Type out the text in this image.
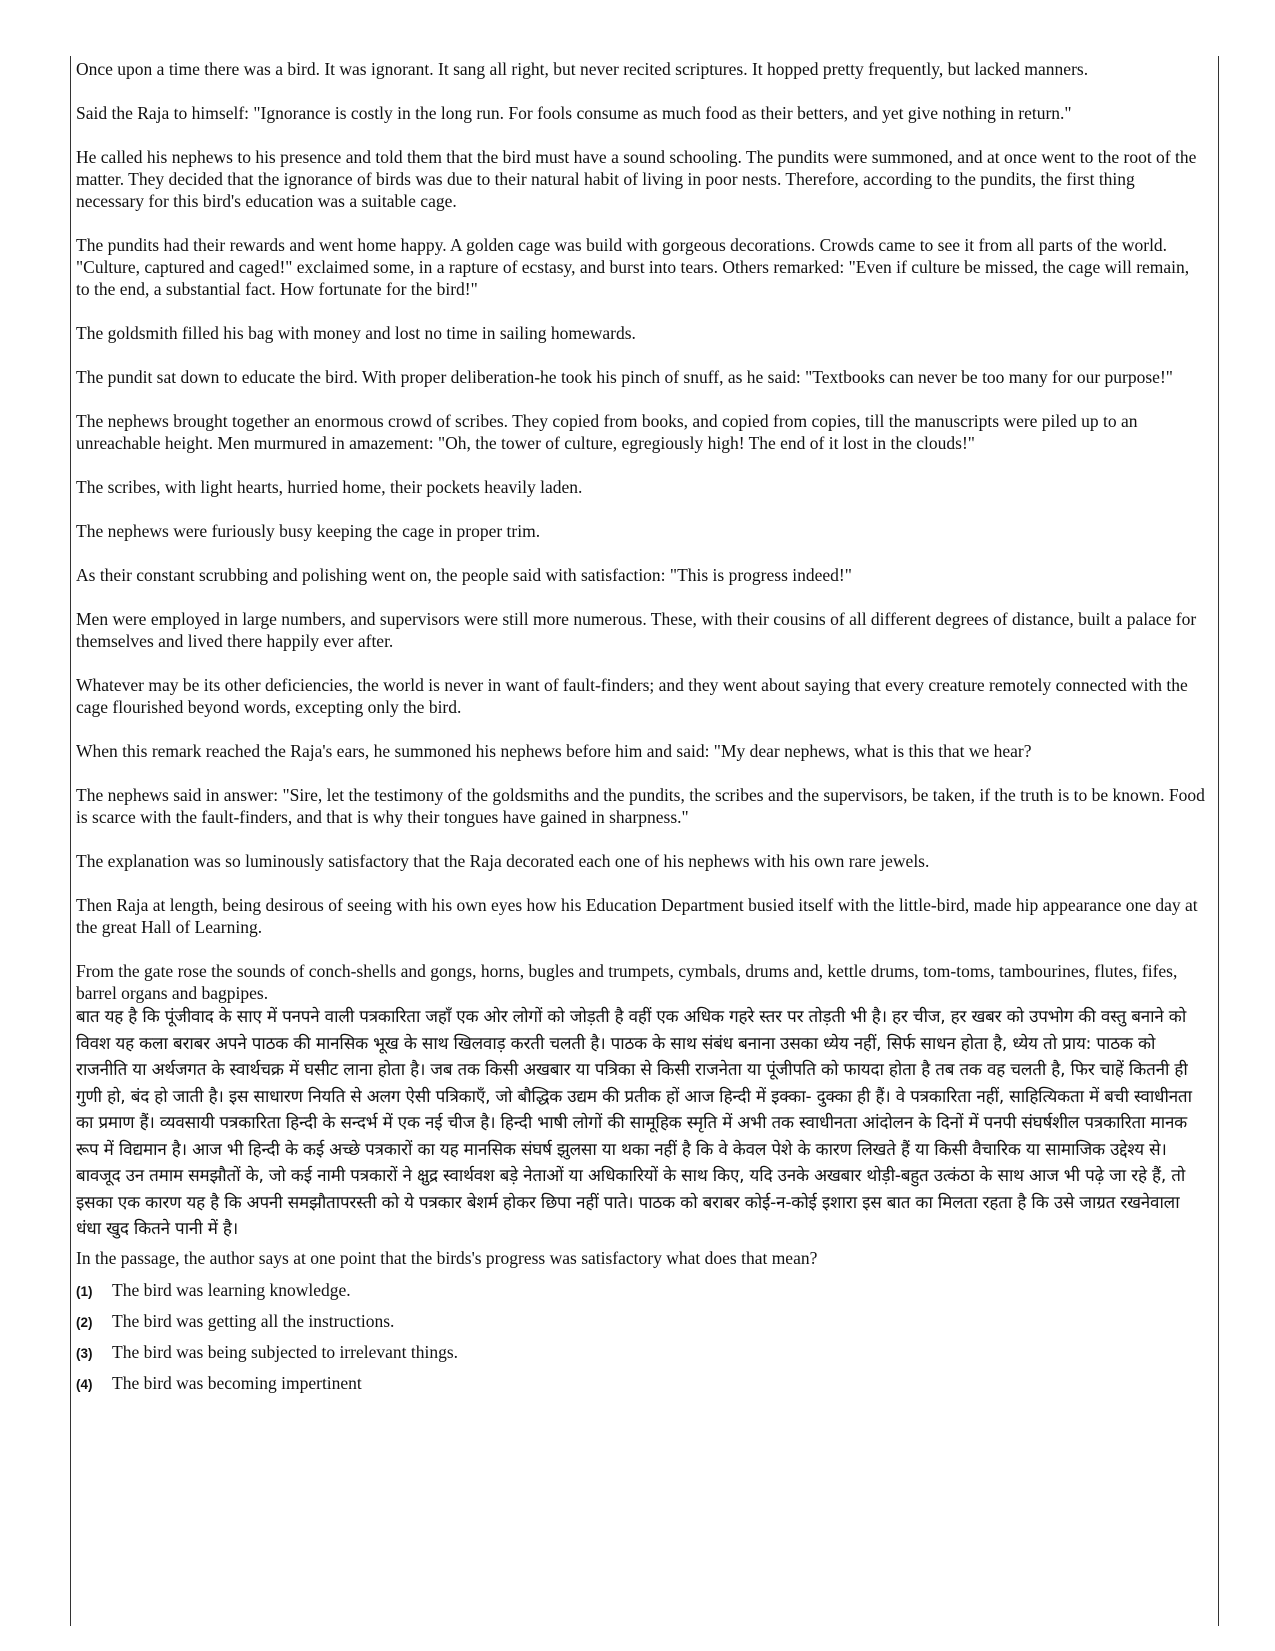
Once upon a time there was a bird. It was ignorant. It sang all right, but never recited scriptures. It hopped pretty frequently, but lacked manners.

Said the Raja to himself: "Ignorance is costly in the long run. For fools consume as much food as their betters, and yet give nothing in return."

He called his nephews to his presence and told them that the bird must have a sound schooling. The pundits were summoned, and at once went to the root of the matter. They decided that the ignorance of birds was due to their natural habit of living in poor nests. Therefore, according to the pundits, the first thing necessary for this bird's education was a suitable cage.

The pundits had their rewards and went home happy. A golden cage was build with gorgeous decorations. Crowds came to see it from all parts of the world. "Culture, captured and caged!" exclaimed some, in a rapture of ecstasy, and burst into tears. Others remarked: "Even if culture be missed, the cage will remain, to the end, a substantial fact. How fortunate for the bird!"

The goldsmith filled his bag with money and lost no time in sailing homewards.

The pundit sat down to educate the bird. With proper deliberation-he took his pinch of snuff, as he said: "Textbooks can never be too many for our purpose!"

The nephews brought together an enormous crowd of scribes. They copied from books, and copied from copies, till the manuscripts were piled up to an unreachable height. Men murmured in amazement: "Oh, the tower of culture, egregiously high! The end of it lost in the clouds!"

The scribes, with light hearts, hurried home, their pockets heavily laden.

The nephews were furiously busy keeping the cage in proper trim.

As their constant scrubbing and polishing went on, the people said with satisfaction: "This is progress indeed!"

Men were employed in large numbers, and supervisors were still more numerous. These, with their cousins of all different degrees of distance, built a palace for themselves and lived there happily ever after.

Whatever may be its other deficiencies, the world is never in want of fault-finders; and they went about saying that every creature remotely connected with the cage flourished beyond words, excepting only the bird.

When this remark reached the Raja's ears, he summoned his nephews before him and said: "My dear nephews, what is this that we hear?

The nephews said in answer: "Sire, let the testimony of the goldsmiths and the pundits, the scribes and the supervisors, be taken, if the truth is to be known. Food is scarce with the fault-finders, and that is why their tongues have gained in sharpness."

The explanation was so luminously satisfactory that the Raja decorated each one of his nephews with his own rare jewels.

Then Raja at length, being desirous of seeing with his own eyes how his Education Department busied itself with the little-bird, made hip appearance one day at the great Hall of Learning.

From the gate rose the sounds of conch-shells and gongs, horns, bugles and trumpets, cymbals, drums and, kettle drums, tom-toms, tambourines, flutes, fifes, barrel organs and bagpipes.

बात यह है कि पूंजीवाद के साए में पनपने वाली पत्रकारिता जहाँ एक ओर लोगों को जोड़ती है वहीं एक अधिक गहरे स्तर पर तोड़ती भी है। हर चीज, हर खबर को उपभोग की वस्तु बनाने को विवश यह कला बराबर अपने पाठक की मानसिक भूख के साथ खिलवाड़ करती चलती है। पाठक के साथ संबंध बनाना उसका ध्येय नहीं, सिर्फ साधन होता है, ध्येय तो प्राय: पाठक को राजनीति या अर्थजगत के स्वार्थचक्र में घसीट लाना होता है। जब तक किसी अखबार या पत्रिका से किसी राजनेता या पूंजीपति को फायदा होता है तब तक वह चलती है, फिर चाहें कितनी ही गुणी हो, बंद हो जाती है। इस साधारण नियति से अलग ऐसी पत्रिकाएँ, जो बौद्धिक उद्यम की प्रतीक हों आज हिन्दी में इक्का- दुक्का ही हैं। वे पत्रकारिता नहीं, साहित्यिकता में बची स्वाधीनता का प्रमाण हैं। व्यवसायी पत्रकारिता हिन्दी के सन्दर्भ में एक नई चीज है। हिन्दी भाषी लोगों की सामूहिक स्मृति में अभी तक स्वाधीनता आंदोलन के दिनों में पनपी संघर्षशील पत्रकारिता मानक रूप में विद्यमान है। आज भी हिन्दी के कई अच्छे पत्रकारों का यह मानसिक संघर्ष झुलसा या थका नहीं है कि वे केवल पेशे के कारण लिखते हैं या किसी वैचारिक या सामाजिक उद्देश्य से। बावजूद उन तमाम समझौतों के, जो कई नामी पत्रकारों ने क्षुद्र स्वार्थवश बड़े नेताओं या अधिकारियों के साथ किए, यदि उनके अखबार थोड़ी-बहुत उत्कंठा के साथ आज भी पढ़े जा रहे हैं, तो इसका एक कारण यह है कि अपनी समझौतापरस्ती को ये पत्रकार बेशर्म होकर छिपा नहीं पाते। पाठक को बराबर कोई-न-कोई इशारा इस बात का मिलता रहता है कि उसे जाग्रत रखनेवाला धंधा खुद कितने पानी में है।

In the passage, the author says at one point that the birds's progress was satisfactory what does that mean?

(1)	The bird was learning knowledge.
(2)	The bird was getting all the instructions.
(3)	The bird was being subjected to irrelevant things.
(4)	The bird was becoming impertinent
